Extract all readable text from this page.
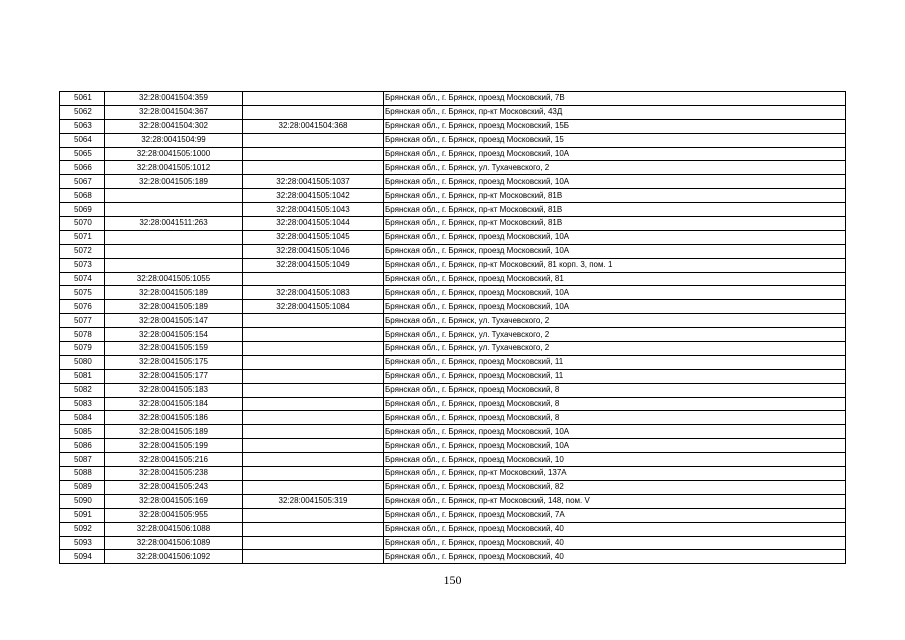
5061	32:28:0041504:359		Брянская обл., г. Брянск, проезд Московский, 7В
5062	32:28:0041504:367		Брянская обл., г. Брянск, пр-кт Московский, 43Д
5063	32:28:0041504:302	32:28:0041504:368	Брянская обл., г. Брянск, проезд Московский, 15Б
5064	32:28:0041504:99		Брянская обл., г. Брянск, проезд Московский, 15
5065	32:28:0041505:1000		Брянская обл., г. Брянск, проезд Московский, 10А
5066	32:28:0041505:1012		Брянская обл., г. Брянск, ул. Тухачевского, 2
5067	32:28:0041505:189	32:28:0041505:1037	Брянская обл., г. Брянск, проезд Московский, 10А
5068		32:28:0041505:1042	Брянская обл., г. Брянск, пр-кт Московский, 81В
5069		32:28:0041505:1043	Брянская обл., г. Брянск, пр-кт Московский, 81В
5070	32:28:0041511:263	32:28:0041505:1044	Брянская обл., г. Брянск, пр-кт Московский, 81В
5071		32:28:0041505:1045	Брянская обл., г. Брянск, проезд Московский, 10А
5072		32:28:0041505:1046	Брянская обл., г. Брянск, проезд Московский, 10А
5073		32:28:0041505:1049	Брянская обл., г. Брянск, пр-кт Московский, 81 корп. 3, пом. 1
5074	32:28:0041505:1055		Брянская обл., г. Брянск, проезд Московский, 81
5075	32:28:0041505:189	32:28:0041505:1083	Брянская обл., г. Брянск, проезд Московский, 10А
5076	32:28:0041505:189	32:28:0041505:1084	Брянская обл., г. Брянск, проезд Московский, 10А
5077	32:28:0041505:147		Брянская обл., г. Брянск, ул. Тухачевского, 2
5078	32:28:0041505:154		Брянская обл., г. Брянск, ул. Тухачевского, 2
5079	32:28:0041505:159		Брянская обл., г. Брянск, ул. Тухачевского, 2
5080	32:28:0041505:175		Брянская обл., г. Брянск, проезд Московский, 11
5081	32:28:0041505:177		Брянская обл., г. Брянск, проезд Московский, 11
5082	32:28:0041505:183		Брянская обл., г. Брянск, проезд Московский, 8
5083	32:28:0041505:184		Брянская обл., г. Брянск, проезд Московский, 8
5084	32:28:0041505:186		Брянская обл., г. Брянск, проезд Московский, 8
5085	32:28:0041505:189		Брянская обл., г. Брянск, проезд Московский, 10А
5086	32:28:0041505:199		Брянская обл., г. Брянск, проезд Московский, 10А
5087	32:28:0041505:216		Брянская обл., г. Брянск, проезд Московский, 10
5088	32:28:0041505:238		Брянская обл., г. Брянск, пр-кт Московский, 137А
5089	32:28:0041505:243		Брянская обл., г. Брянск, проезд Московский, 82
5090	32:28:0041505:169	32:28:0041505:319	Брянская обл., г. Брянск, пр-кт Московский, 148, пом. V
5091	32:28:0041505:955		Брянская обл., г. Брянск, проезд Московский, 7А
5092	32:28:0041506:1088		Брянская обл., г. Брянск, проезд Московский, 40
5093	32:28:0041506:1089		Брянская обл., г. Брянск, проезд Московский, 40
5094	32:28:0041506:1092		Брянская обл., г. Брянск, проезд Московский, 40
150
